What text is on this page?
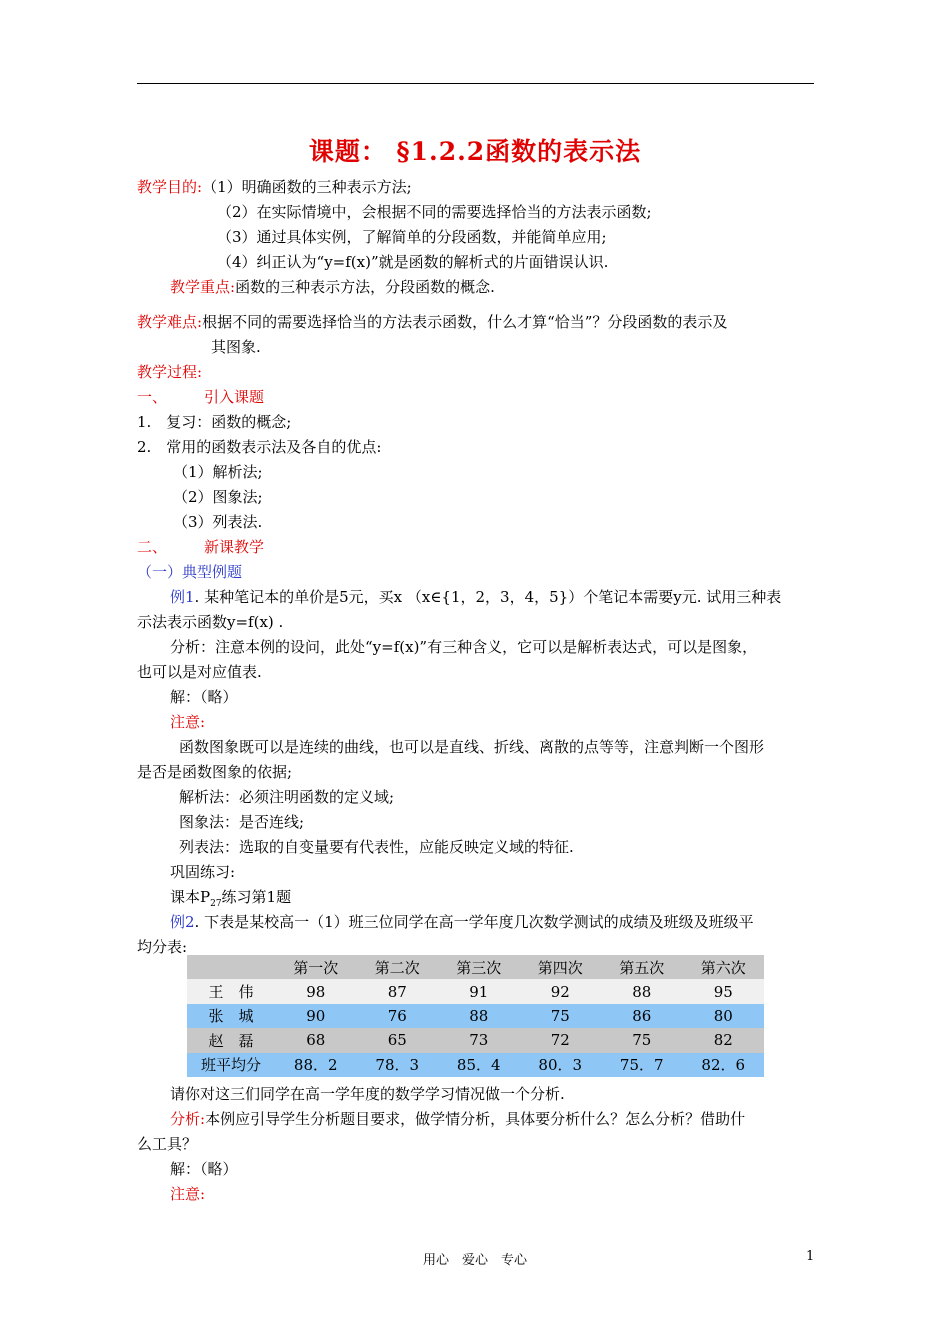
课题： §1.2.2函数的表示法
教学目的:（1）明确函数的三种表示方法;
（2）在实际情境中，会根据不同的需要选择恰当的方法表示函数;
（3）通过具体实例，了解简单的分段函数，并能简单应用;
（4）纠正认为“y=f(x)”就是函数的解析式的片面错误认识.
教学重点:函数的三种表示方法，分段函数的概念.
教学难点:根据不同的需要选择恰当的方法表示函数，什么才算“恰当”？分段函数的表示及
其图象.
教学过程:
一、 引入课题
1. 复习：函数的概念;
2. 常用的函数表示法及各自的优点:
（1）解析法;
（2）图象法;
（3）列表法.
二、 新课教学
（一）典型例题
例1. 某种笔记本的单价是5元，买x （x∈{1，2，3，4，5}）个笔记本需要y元. 试用三种表
示法表示函数y=f(x) .
分析：注意本例的设问，此处“y=f(x)”有三种含义，它可以是解析表达式，可以是图象，
也可以是对应值表.
解：（略）
注意:
函数图象既可以是连续的曲线，也可以是直线、折线、离散的点等等，注意判断一个图形
是否是函数图象的依据;
解析法：必须注明函数的定义域;
图象法：是否连线;
列表法：选取的自变量要有代表性，应能反映定义域的特征.
巩固练习:
课本$P_{27}$练习第1题
例2. 下表是某校高一（1）班三位同学在高一学年度几次数学测试的成绩及班级及班级平
均分表:
	第一次	第二次	第三次	第四次	第五次	第六次
王 伟	98	87	91	92	88	95
张 城	90	76	88	75	86	80
赵 磊	68	65	73	72	75	82
班平均分	88．2	78．3	85．4	80．3	75．7	82．6
请你对这三们同学在高一学年度的数学学习情况做一个分析.
分析:本例应引导学生分析题目要求，做学情分析，具体要分析什么？怎么分析？借助什
么工具？
解：（略）
注意:
用心 爱心 专心	1
